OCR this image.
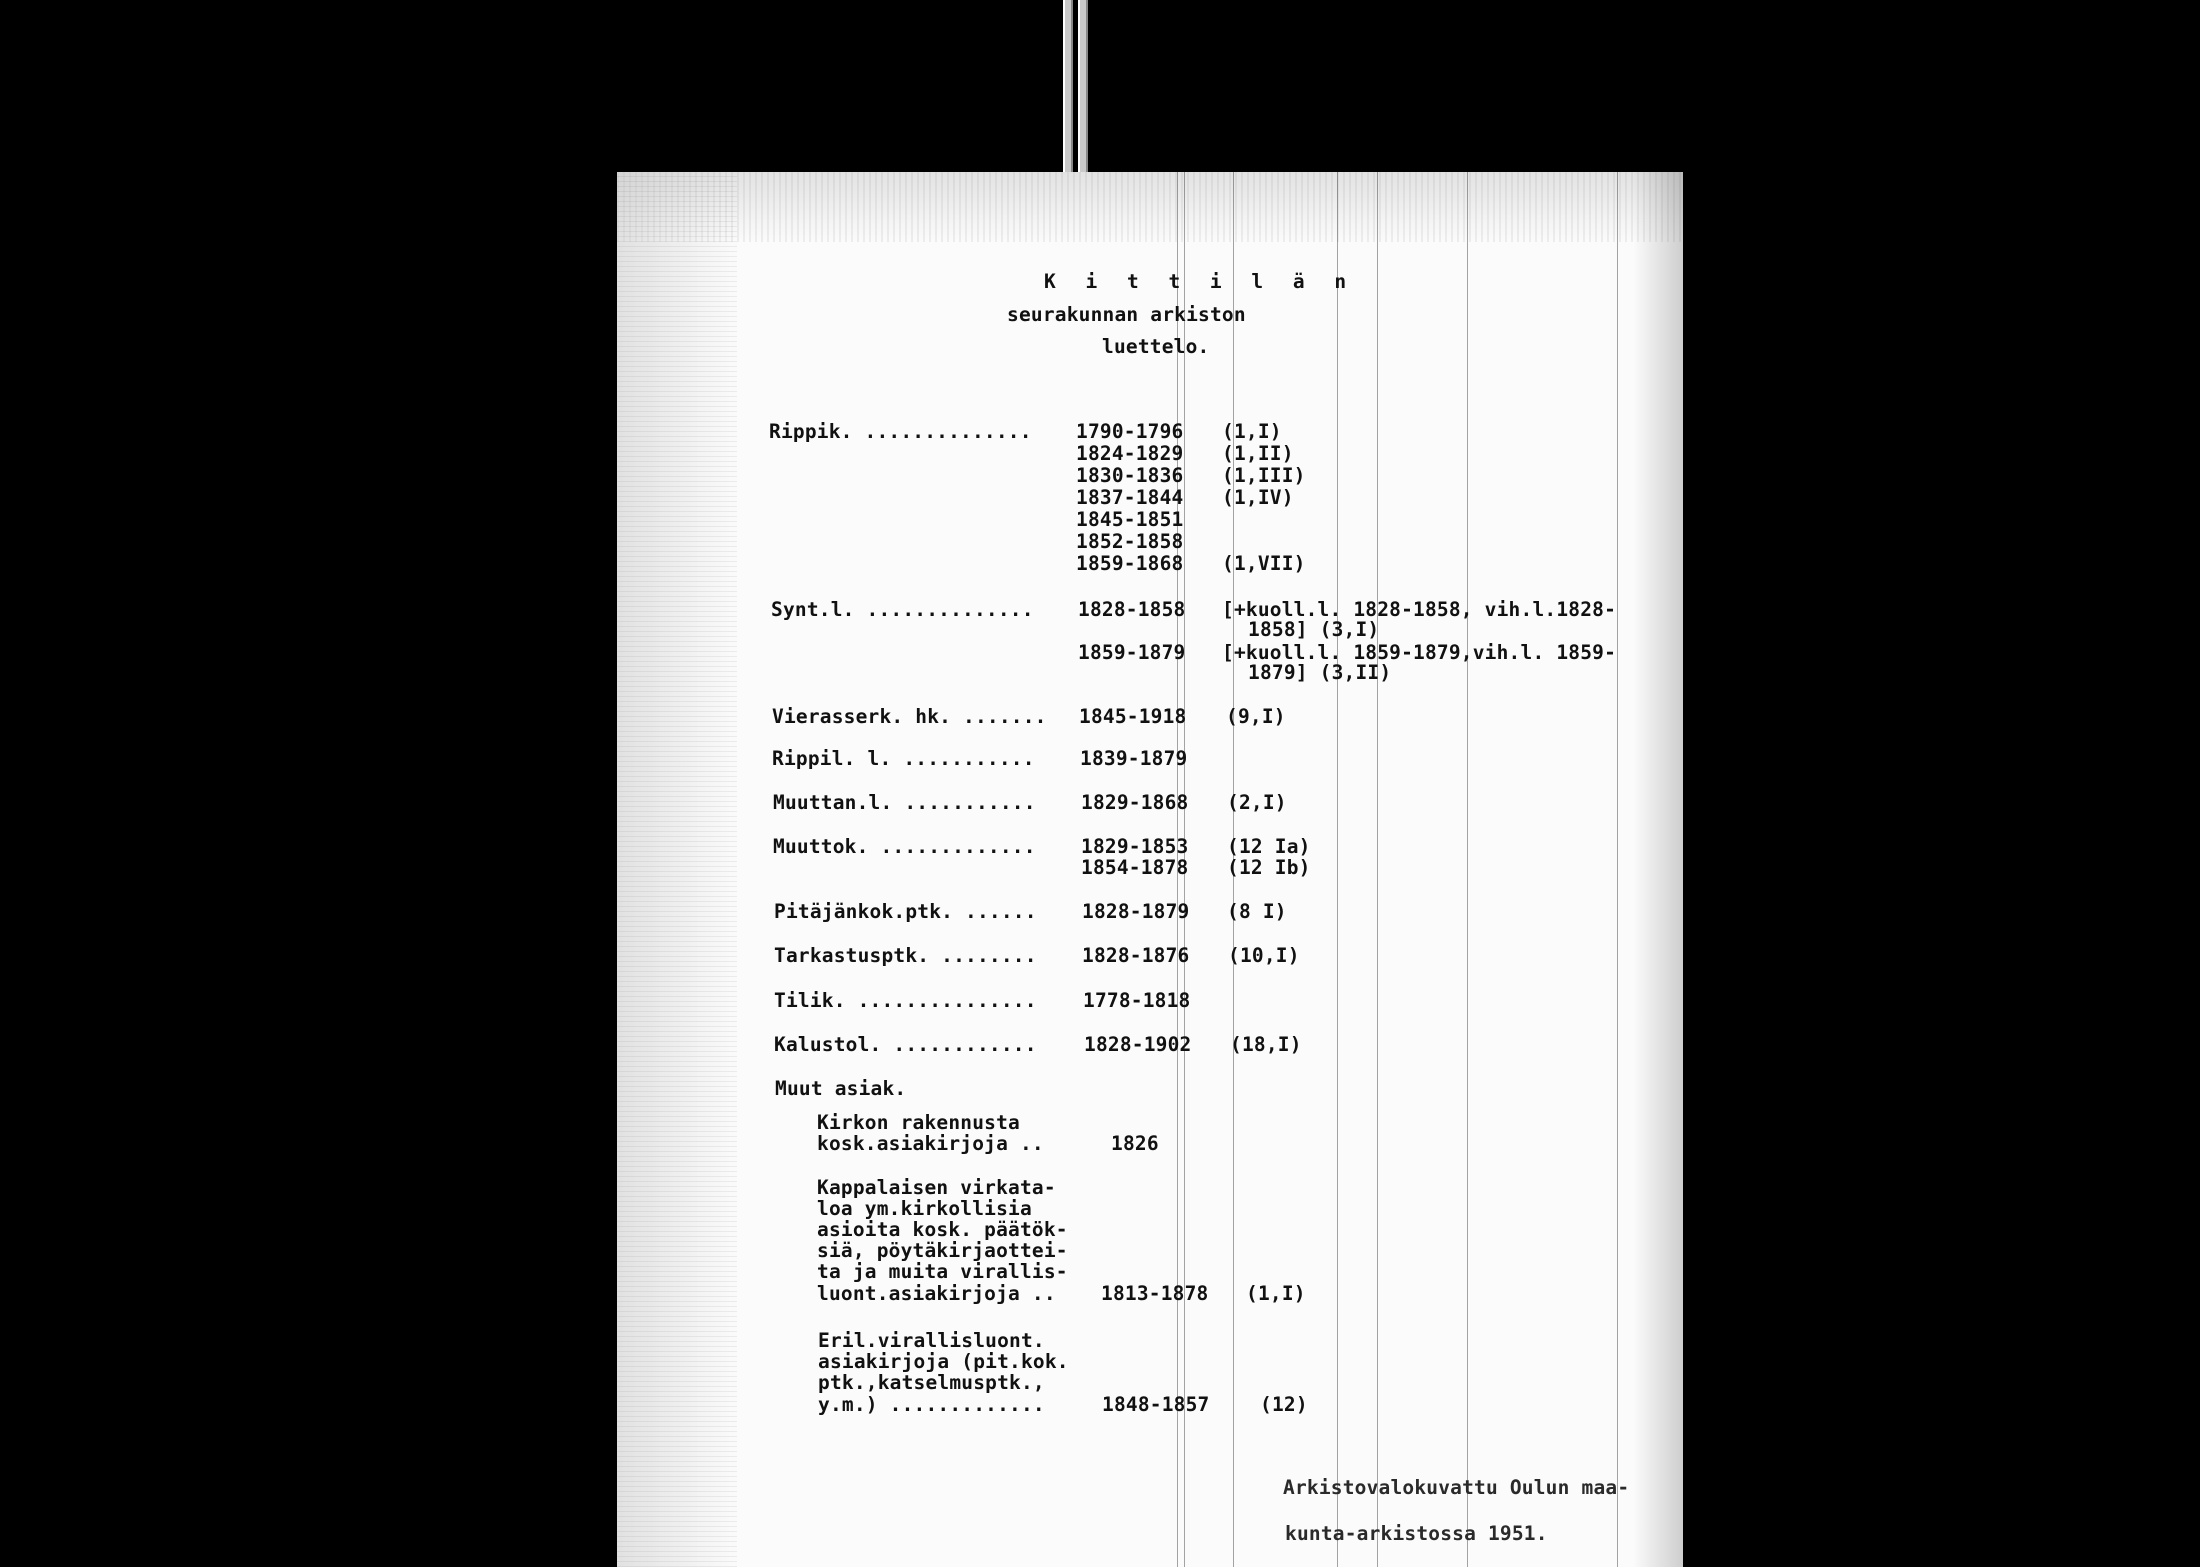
K i t t i l ä n
seurakunnan arkiston
luettelo.
Rippik. .............. 1790-1796 (1,I)
1824-1829 (1,II)
1830-1836 (1,III)
1837-1844 (1,IV)
1845-1851
1852-1858
1859-1868 (1,VII)
Synt.l. .............. 1828-1858 [+kuoll.l. 1828-1858, vih.l.1828-
1858] (3,I)
1859-1879 [+kuoll.l. 1859-1879,vih.l. 1859-
1879] (3,II)
Vierasserk. hk. ....... 1845-1918 (9,I)
Rippil. l. ........... 1839-1879
Muuttan.l. ........... 1829-1868 (2,I)
Muuttok. ............. 1829-1853 (12 Ia)
1854-1878 (12 Ib)
Pitäjänkok.ptk. ...... 1828-1879 (8 I)
Tarkastusptk. ........ 1828-1876 (10,I)
Tilik. ............... 1778-1818
Kalustol. ............ 1828-1902 (18,I)
Muut asiak.
Kirkon rakennusta
kosk.asiakirjoja ..	1826
Kappalaisen virkata-
loa ym.kirkollisia
asioita kosk. päätök-
siä, pöytäkirjaottei-
ta ja muita virallis-
luont.asiakirjoja .. 1813-1878 (1,I)
Eril.virallisluont.
asiakirjoja (pit.kok.
ptk.,katselmusptk.,
y.m.) .............	1848-1857	(12)
Arkistovalokuvattu Oulun maa-
kunta-arkistossa 1951.
